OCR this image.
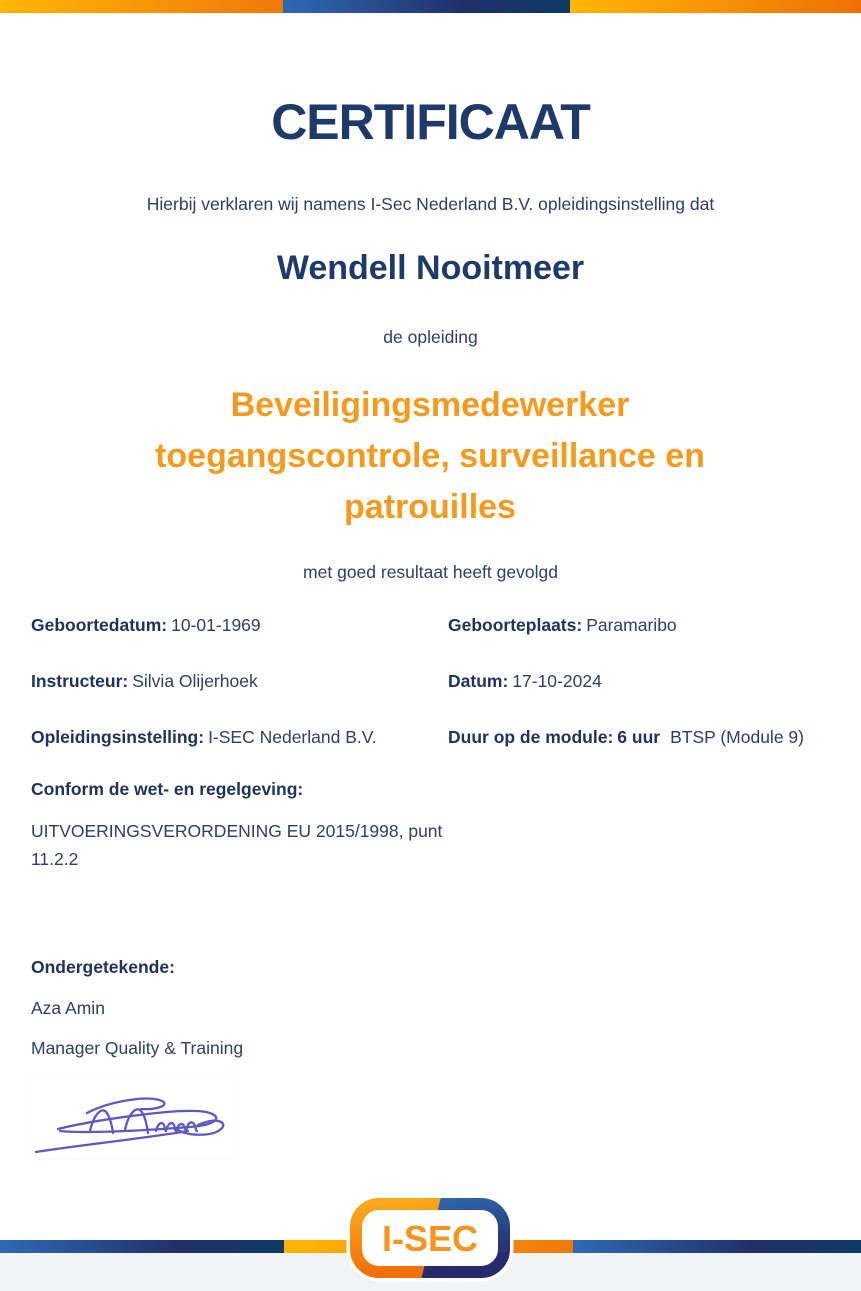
CERTIFICAAT

Hierbij verklaren wij namens I-Sec Nederland B.V. opleidingsinstelling dat

Wendell Nooitmeer

de opleiding

Beveiligingsmedewerker toegangscontrole, surveillance en patrouilles

met goed resultaat heeft gevolgd

Geboortedatum: 10-01-1969	Geboorteplaats: Paramaribo
Instructeur: Silvia Olijerhoek	Datum: 17-10-2024
Opleidingsinstelling: I-SEC Nederland B.V.	Duur op de module: 6 uur BTSP (Module 9)

Conform de wet- en regelgeving:

UITVOERINGSVERORDENING EU 2015/1998, punt 11.2.2

Ondergetekende:

Aza Amin

Manager Quality & Training

I-SEC
